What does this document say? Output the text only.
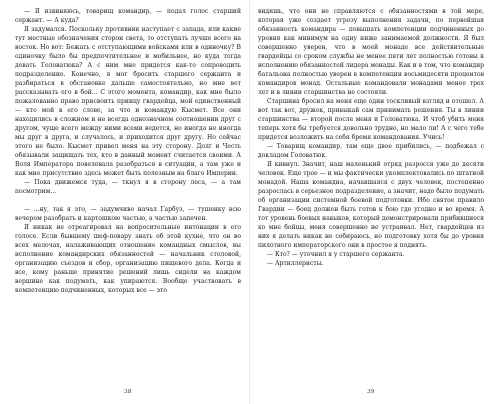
— Я извиняюсь, товарищ командир, — подал голос старший сержант. — А куда?

Я задумался. Поскольку противник наступает с запада, или какие тут местные обозначения сторон света, то отступать лучше всего на восток. Но вот: Бежать с отступающими войсками или в одиночку? В одиночку было бы предпочтительнее и мобильнее, но куда тогда девать Головатюка? А с ним мне придется как-то сопроводить подразделение. Конечно, я мог бросить старшего сержанта и разбираться в обстановке дальше самостоятельно, но мне вот рассказывать его в бой... С этого момента, командир, как мне было пожалованно право присвоить принцу гвардейца, мой единственный — кто мой в его слове, за что и командую Кысмет. Все они находились в сложном и не всегда однозначном соотношении друг с другом, чуще всего между ними всеми ведется, но иногда не иногда мы друг в друга, и случалось, и приходится друг другу. Но сейчас этого не было. Кысмет привел меня на эту сторону. Долг и Честь обязывали защищать тех, кто в данный момент считается своими. А Воля Императора повелевала разобраться в ситуации, а там уже и как мне присутствие здесь может быть полезным на благо Империи.

— Пока движемся туда, — ткнул я в сторону леса, — а там посмотрим...

— ...ну, так я это, — задумчиво начал Гарбуз, — тушенку всю вечером разобрать и картошкою частью, а частью запечен.

Я никак не отреагировал на вопросительные интонации в его голосе. Если бывшему шеф-повару знать об этой кухне, что он во всех мелочах, налаживающих отношение командных смыслов, вы исполнение командирских обязанностей — начальник столовой, организацию съездов и сбор, организацию пищевого дела. Когда и все, кому раньше принятие решений лишь сидели на каждом вершине как подумать, как упираются. Вообще участвовать в компетенцию подчиненных, которых все — это

видишь, что они не справляются с обязанностями в той мере, которая уже создает угрозу выполнения задачи, по первейшая обязанность командира — повышать компетенции подчиненных до уровня как минимум на одну ниже занимаемой должности. Я был совершенно уверен, что в моей монаде все действительные гвардейцы со сроком службы не менее пяти лет полностью готовы к исполнению обязанностей лидера монады. Как и в том, что командир батальона полностью уверен в компетенции восьмидесяти процентов командиров монад. Остальные командовали монадами менее трех лет и в линии старшинства не состояли.

Старшина бросил на меня еще один тоскливый взгляд и отошел. А вот так вот, дружок, привыкай сам принимать решения. Ты в линии старшинства — второй после меня и Головатюка. И чтоб убить меня теперь хотя бы требуется довольно трудно, но мало ли! А с чего тебе придется возложить на себя бремя командования. Учись!

— Товарищ командир, там еще двое прибились, — подбежал с докладом Головатюк.

Я кивнул. Значит, наш маленький отряд разросся уже до десяти человек. Еще трое — и мы фактически укомплектовались по штатной монадой. Наша командна, начавшаяся с двух человек, постепенно разрослась в серьезное подразделение, а значит, надо было подумать об организации системной боевой подготовки. Ибо святое правило Гвардии — боец должен быть готов к бою где угодно и во время. А тот уровень боевых навыков, который демонстрировали прибившиеся ко мне бойцы, меня совершенно не устраивал. Нет, гвардейцев из них я делать никак не собираюсь, но подготовку хотя бы до уровня пилотного императорского они в простое я поднять.

— Кто? — уточнил я у старшего сержанта.

— Артиллеристы.

38	39
